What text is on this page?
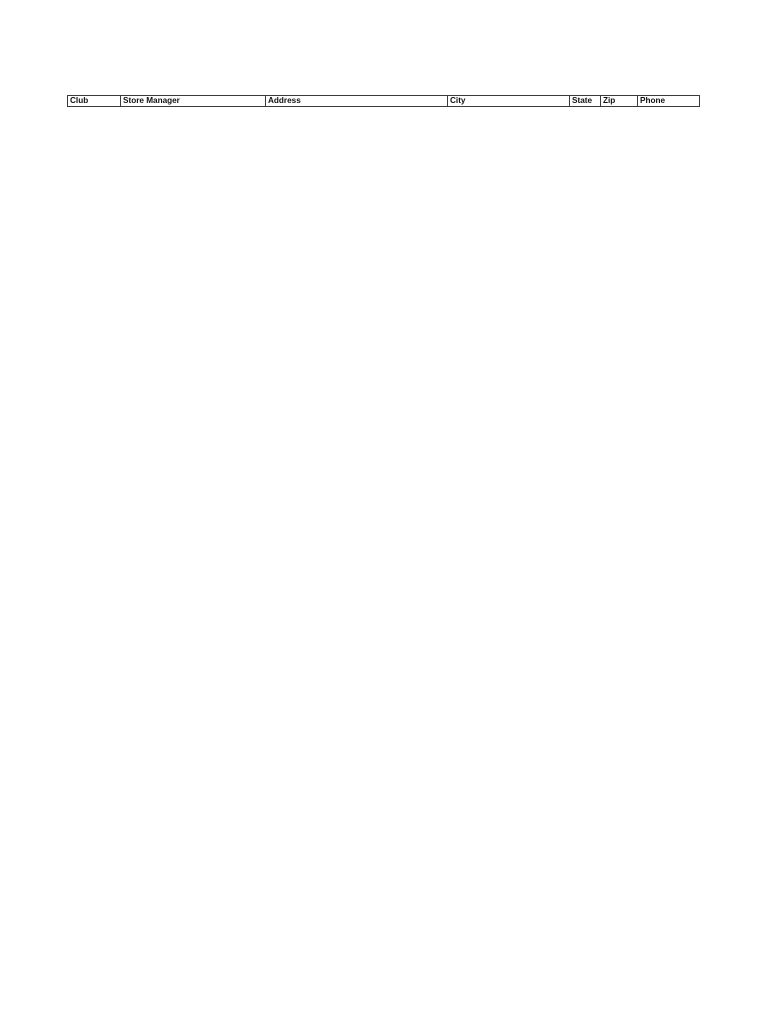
Club	Store Manager	Address	City	State	Zip	Phone
